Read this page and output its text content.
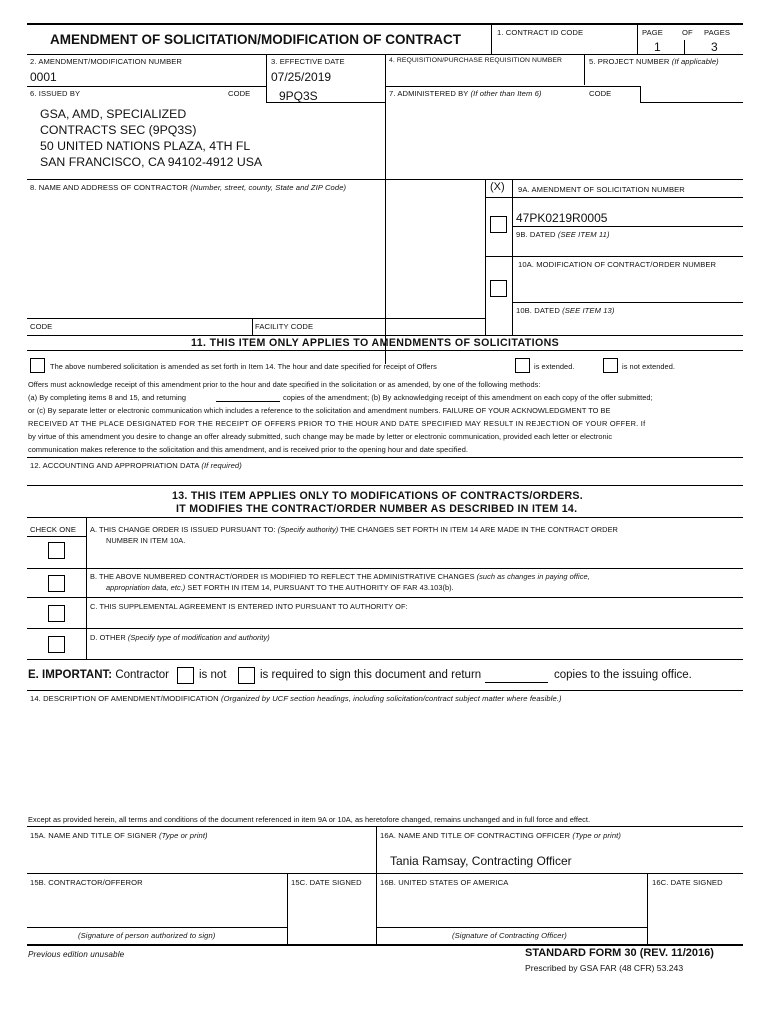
AMENDMENT OF SOLICITATION/MODIFICATION OF CONTRACT	1. CONTRACT ID CODE	PAGE	OF PAGES
1	3
2. AMENDMENT/MODIFICATION NUMBER
0001
3. EFFECTIVE DATE
07/25/2019
4. REQUISITION/PURCHASE REQUISITION NUMBER	5. PROJECT NUMBER (If applicable)
6. ISSUED BY	CODE 9PQ3S	7. ADMINISTERED BY (If other than Item 6)	CODE
GSA, AMD, SPECIALIZED
CONTRACTS SEC (9PQ3S)
50 UNITED NATIONS PLAZA, 4TH FL
SAN FRANCISCO, CA 94102-4912 USA
8. NAME AND ADDRESS OF CONTRACTOR (Number, street, county, State and ZIP Code)	(X) 9A. AMENDMENT OF SOLICITATION NUMBER
47PK0219R0005
9B. DATED (SEE ITEM 11)
10A. MODIFICATION OF CONTRACT/ORDER NUMBER
10B. DATED (SEE ITEM 13)
CODE	FACILITY CODE
11. THIS ITEM ONLY APPLIES TO AMENDMENTS OF SOLICITATIONS
The above numbered solicitation is amended as set forth in Item 14. The hour and date specified for receipt of Offers	is extended.	is not extended.
Offers must acknowledge receipt of this amendment prior to the hour and date specified in the solicitation or as amended, by one of the following methods:
(a) By completing items 8 and 15, and returning	copies of the amendment; (b) By acknowledging receipt of this amendment on each copy of the offer submitted;
or (c) By separate letter or electronic communication which includes a reference to the solicitation and amendment numbers. FAILURE OF YOUR ACKNOWLEDGMENT TO BE
RECEIVED AT THE PLACE DESIGNATED FOR THE RECEIPT OF OFFERS PRIOR TO THE HOUR AND DATE SPECIFIED MAY RESULT IN REJECTION OF YOUR OFFER. If
by virtue of this amendment you desire to change an offer already submitted, such change may be made by letter or electronic communication, provided each letter or electronic
communication makes reference to the solicitation and this amendment, and is received prior to the opening hour and date specified.
12. ACCOUNTING AND APPROPRIATION DATA (If required)
13. THIS ITEM APPLIES ONLY TO MODIFICATIONS OF CONTRACTS/ORDERS.
IT MODIFIES THE CONTRACT/ORDER NUMBER AS DESCRIBED IN ITEM 14.
CHECK ONE A. THIS CHANGE ORDER IS ISSUED PURSUANT TO: (Specify authority) THE CHANGES SET FORTH IN ITEM 14 ARE MADE IN THE CONTRACT ORDER
NUMBER IN ITEM 10A.
B. THE ABOVE NUMBERED CONTRACT/ORDER IS MODIFIED TO REFLECT THE ADMINISTRATIVE CHANGES (such as changes in paying office,
appropriation data, etc.) SET FORTH IN ITEM 14, PURSUANT TO THE AUTHORITY OF FAR 43.103(b).
C. THIS SUPPLEMENTAL AGREEMENT IS ENTERED INTO PURSUANT TO AUTHORITY OF:
D. OTHER (Specify type of modification and authority)
E. IMPORTANT: Contractor	is not	is required to sign this document and return	copies to the issuing office.
14. DESCRIPTION OF AMENDMENT/MODIFICATION (Organized by UCF section headings, including solicitation/contract subject matter where feasible.)
Except as provided herein, all terms and conditions of the document referenced in item 9A or 10A, as heretofore changed, remains unchanged and in full force and effect.
15A. NAME AND TITLE OF SIGNER (Type or print)	16A. NAME AND TITLE OF CONTRACTING OFFICER (Type or print)
Tania Ramsay, Contracting Officer
15B. CONTRACTOR/OFFEROR	15C. DATE SIGNED 16B. UNITED STATES OF AMERICA	16C. DATE SIGNED
(Signature of person authorized to sign)	(Signature of Contracting Officer)
Previous edition unusable	STANDARD FORM 30 (REV. 11/2016)
Prescribed by GSA FAR (48 CFR) 53.243
